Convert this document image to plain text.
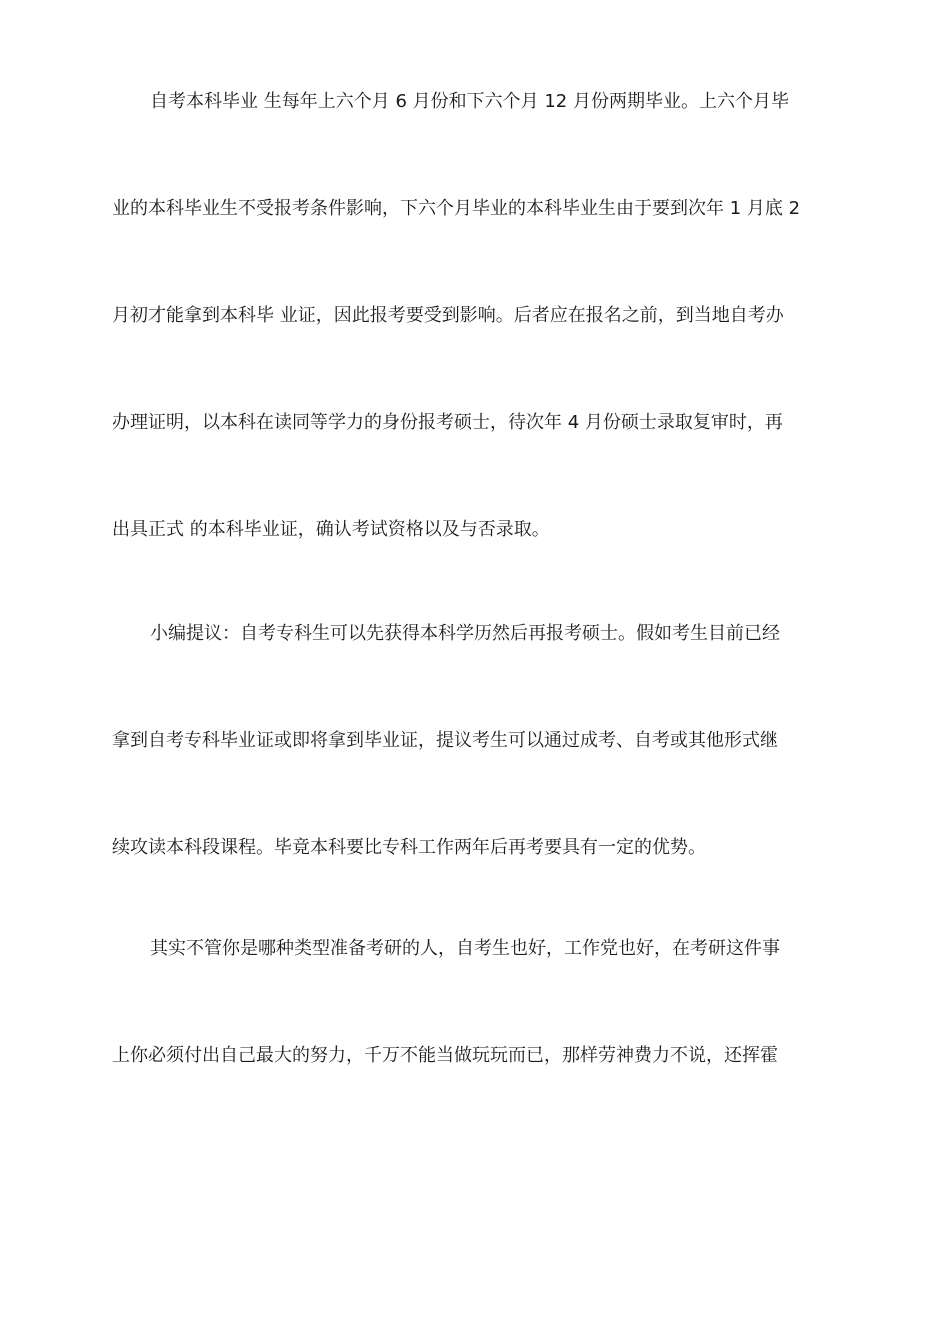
自考本科毕业 生每年上六个月 6 月份和下六个月 12 月份两期毕业。上六个月毕
业的本科毕业生不受报考条件影响，下六个月毕业的本科毕业生由于要到次年 1 月底 2
月初才能拿到本科毕 业证，因此报考要受到影响。后者应在报名之前，到当地自考办
办理证明，以本科在读同等学力的身份报考硕士，待次年 4 月份硕士录取复审时，再
出具正式 的本科毕业证，确认考试资格以及与否录取。
小编提议：自考专科生可以先获得本科学历然后再报考硕士。假如考生目前已经
拿到自考专科毕业证或即将拿到毕业证，提议考生可以通过成考、自考或其他形式继
续攻读本科段课程。毕竟本科要比专科工作两年后再考要具有一定的优势。
其实不管你是哪种类型准备考研的人，自考生也好，工作党也好，在考研这件事
上你必须付出自己最大的努力，千万不能当做玩玩而已，那样劳神费力不说，还挥霍
